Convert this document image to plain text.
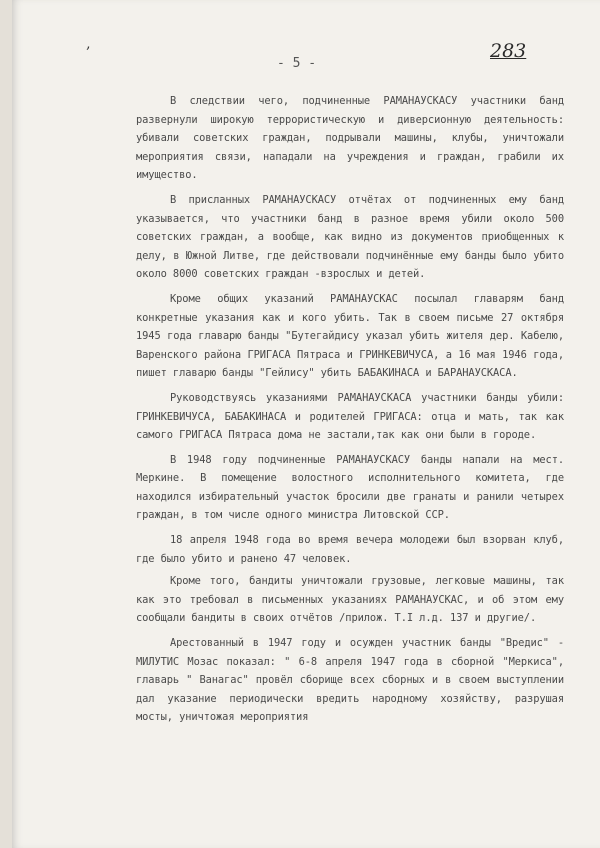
‚
- 5 -
283

В следствии чего, подчиненные РАМАНАУСКАСУ участники банд развернули широкую террористическую и диверсионную деятельность: убивали советских граждан, подрывали машины, клубы, уничтожали мероприятия связи, нападали на учреждения и граждан, грабили их имущество.

В присланных РАМАНАУСКАСУ отчётах от подчиненных ему банд указывается, что участники банд в разное время убили около 500 советских граждан, а вообще, как видно из документов приобщенных к делу, в Южной Литве, где действовали подчинённые ему банды было убито около 8000 советских граждан -взрослых и детей.

Кроме общих указаний РАМАНАУСКАС посылал главарям банд конкретные указания как и кого убить. Так в своем письме 27 октября 1945 года главарю банды "Бутегайдису указал убить жителя дер. Кабелю, Варенского района ГРИГАСА Пятраса и ГРИНКЕВИЧУСА, а 16 мая 1946 года, пишет главарю банды "Гейлису" убить БАБАКИНАСА и БАРАНАУСКАСА.

Руководствуясь указаниями РАМАНАУСКАСА участники банды убили: ГРИНКЕВИЧУСА, БАБАКИНАСА и родителей ГРИГАСА: отца и мать, так как самого ГРИГАСА Пятраса дома не застали,так как они были в городе.

В 1948 году подчиненные РАМАНАУСКАСУ банды напали на мест. Меркине. В помещение волостного исполнительного комитета, где находился избирательный участок бросили две гранаты и ранили четырех граждан, в том числе одного министра Литовской ССР.

18 апреля 1948 года во время вечера молодежи был взорван клуб, где было убито и ранено 47 человек.

Кроме того, бандиты уничтожали грузовые, легковые машины, так как это требовал в письменных указаниях РАМАНАУСКАС, и об этом ему сообщали бандиты в своих отчётов /прилож. Т.I л.д. 137 и другие/.

Арестованный в 1947 году и осужден участник банды "Вредис" - МИЛУТИС Мозас показал: " 6-8 апреля 1947 года в сборной "Меркиса", главарь " Ванагас" провёл сборище всех сборных и в своем выступлении дал указание периодически вредить народному хозяйству, разрушая мосты, уничтожая мероприятия
